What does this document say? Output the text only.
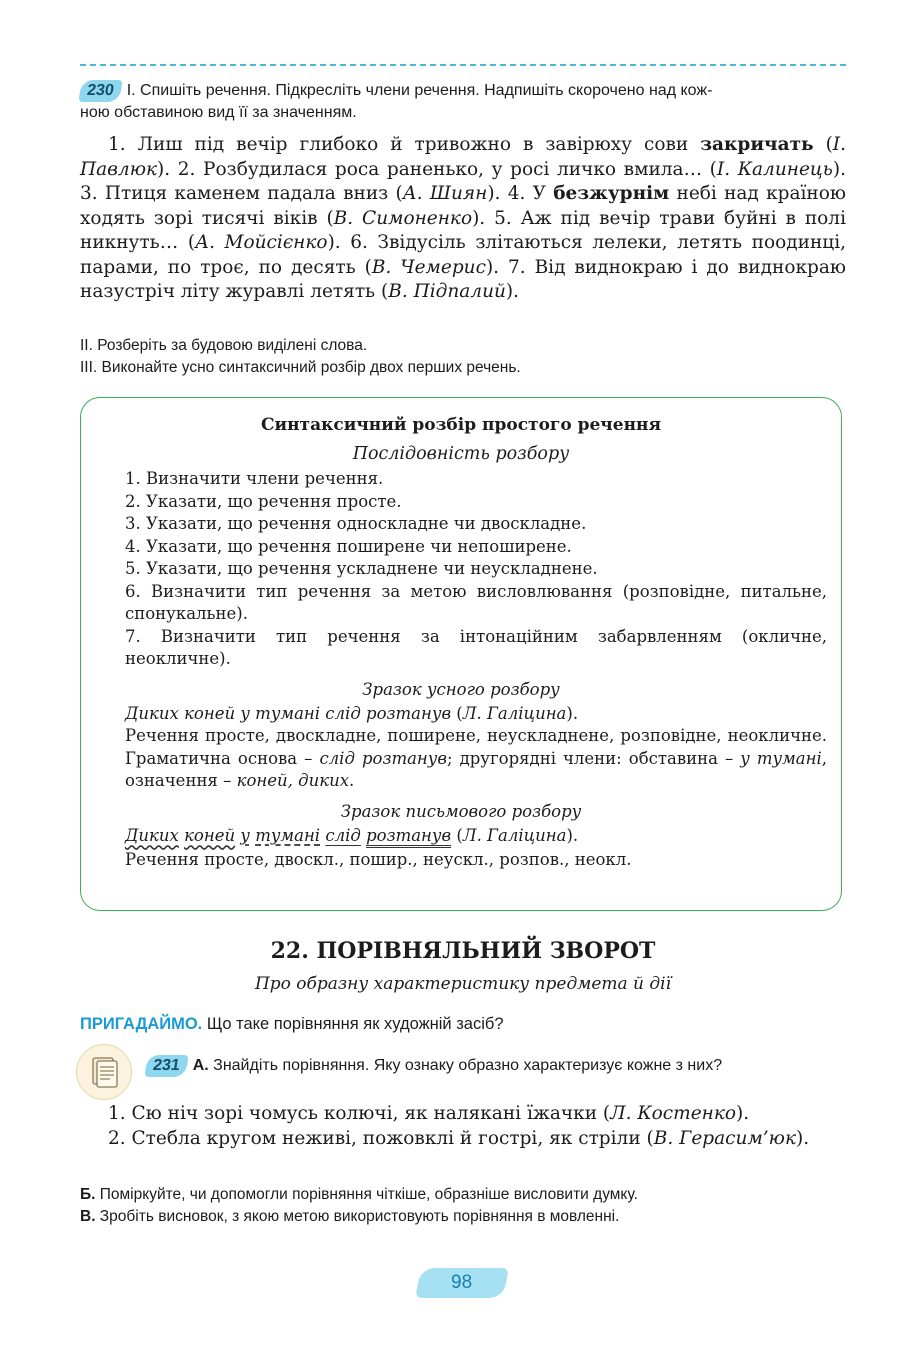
230 І. Спишіть речення. Підкресліть члени речення. Надпишіть скорочено над кож-
ною обставиною вид її за значенням.
1. Лиш під вечір глибоко й тривожно в завірюху сови закричать (І. Павлюк). 2. Розбудилася роса раненько, у росі личко вмила… (І. Калинець). 3. Птиця каменем падала вниз (А. Шиян). 4. У безжурнім небі над країною ходять зорі тисячі віків (В. Симоненко). 5. Аж під вечір трави буйні в полі никнуть… (А. Мойсієнко). 6. Звідусіль злітаються лелеки, летять поодинці, парами, по троє, по десять (В. Чемерис). 7. Від виднокраю і до виднокраю назустріч літу журавлі летять (В. Підпалий).
ІІ. Розберіть за будовою виділені слова.
ІІІ. Виконайте усно синтаксичний розбір двох перших речень.
Синтаксичний розбір простого речення
Послідовність розбору
1. Визначити члени речення.
2. Указати, що речення просте.
3. Указати, що речення односкладне чи двоскладне.
4. Указати, що речення поширене чи непоширене.
5. Указати, що речення ускладнене чи неускладнене.
6. Визначити тип речення за метою висловлювання (розповідне, питальне, спонукальне).
7. Визначити тип речення за інтонаційним забарвленням (окличне, неокличне).
Зразок усного розбору
Диких коней у тумані слід розтанув (Л. Галіцина).
Речення просте, двоскладне, поширене, неускладнене, розповідне, неокличне. Граматична основа – слід розтанув; другорядні члени: обставина – у тумані, означення – коней, диких.
Зразок письмового розбору
Диких коней у тумані слід розтанув (Л. Галіцина).
Речення просте, двоскл., пошир., неускл., розпов., неокл.
22. ПОРІВНЯЛЬНИЙ ЗВОРОТ
Про образну характеристику предмета й дії
ПРИГАДАЙМО. Що таке порівняння як художній засіб?
231 А. Знайдіть порівняння. Яку ознаку образно характеризує кожне з них?
1. Сю ніч зорі чомусь колючі, як налякані їжачки (Л. Костенко).
2. Стебла кругом неживі, пожовклі й гострі, як стріли (В. Герасим’юк).
Б. Поміркуйте, чи допомогли порівняння чіткіше, образніше висловити думку.
В. Зробіть висновок, з якою метою використовують порівняння в мовленні.
98
